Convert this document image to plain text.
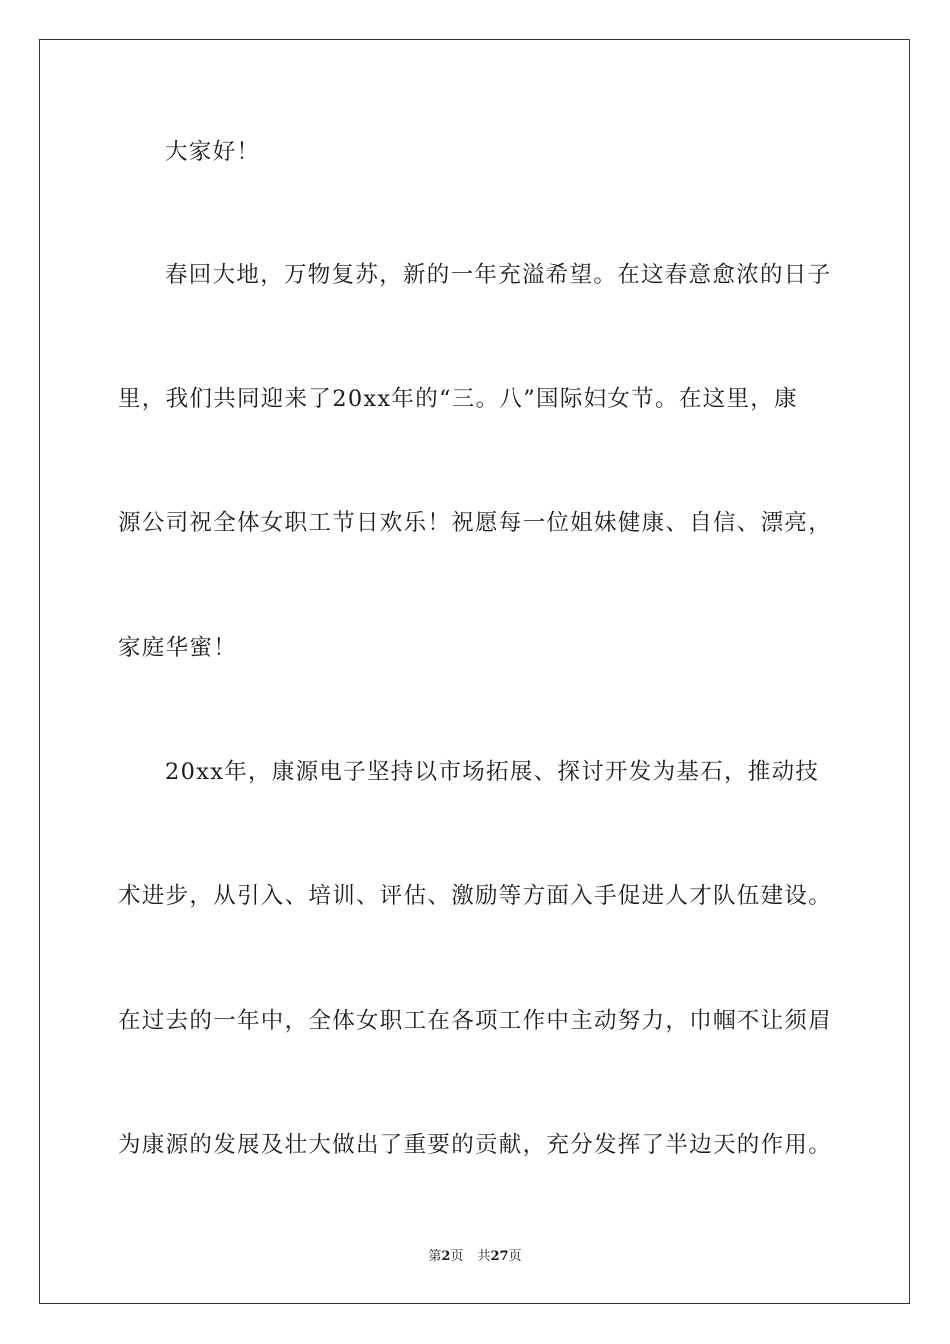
大家好！
春回大地，万物复苏，新的一年充溢希望。在这春意愈浓的日子
里，我们共同迎来了20xx年的“三。八”国际妇女节。在这里，康
源公司祝全体女职工节日欢乐！祝愿每一位姐妹健康、自信、漂亮，
家庭华蜜！
20xx年，康源电子坚持以市场拓展、探讨开发为基石，推动技
术进步，从引入、培训、评估、激励等方面入手促进人才队伍建设。
在过去的一年中，全体女职工在各项工作中主动努力，巾帼不让须眉
为康源的发展及壮大做出了重要的贡献，充分发挥了半边天的作用。
第2页 共27页
